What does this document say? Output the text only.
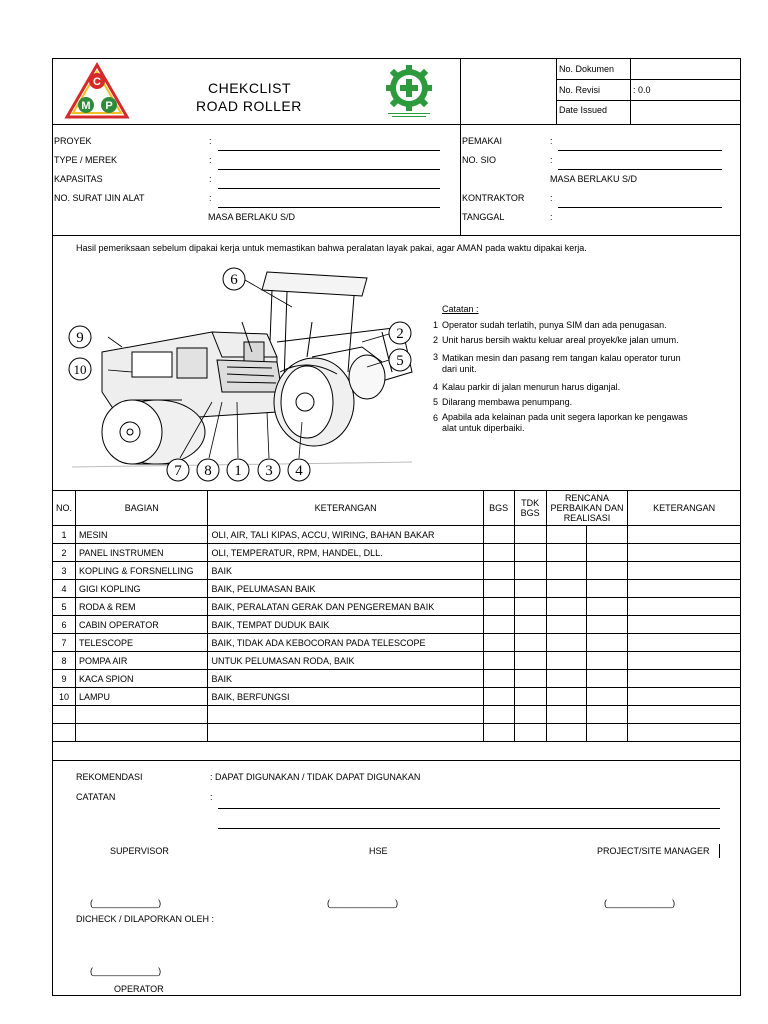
C
M P
CHEKCLIST
ROAD ROLLER
No. Dokumen
No. Revisi	: 0.0
Date Issued
PROYEK	:
TYPE / MEREK	:
KAPASITAS	:
NO. SURAT IJIN ALAT	:
MASA BERLAKU S/D
PEMAKAI	:
NO. SIO	:
MASA BERLAKU S/D
KONTRAKTOR	:
TANGGAL	:
Hasil pemeriksaan sebelum dipakai kerja untuk memastikan bahwa peralatan layak pakai, agar AMAN pada waktu dipakai kerja.
6
9
10
2
5
7 8 1 3 4
Catatan :
1 Operator sudah terlatih, punya SIM dan ada penugasan.
2 Unit harus bersih waktu keluar areal proyek/ke jalan umum.
3 Matikan mesin dan pasang rem tangan kalau operator turun
dari unit.
4 Kalau parkir di jalan menurun harus diganjal.
5 Dilarang membawa penumpang.
6 Apabila ada kelainan pada unit segera laporkan ke pengawas
alat untuk diperbaiki.
NO.	BAGIAN	KETERANGAN	BGS	TDK
BGS	RENCANA
PERBAIKAN DAN
REALISASI		KETERANGAN
1	MESIN	OLI, AIR, TALI KIPAS, ACCU, WIRING, BAHAN BAKAR					
2	PANEL INSTRUMEN	OLI, TEMPERATUR, RPM, HANDEL, DLL.					
3	KOPLING & FORSNELLING	BAIK					
4	GIGI KOPLING	BAIK, PELUMASAN BAIK					
5	RODA & REM	BAIK, PERALATAN GERAK DAN PENGEREMAN BAIK					
6	CABIN OPERATOR	BAIK, TEMPAT DUDUK BAIK					
7	TELESCOPE	BAIK, TIDAK ADA KEBOCORAN PADA TELESCOPE					
8	POMPA AIR	UNTUK PELUMASAN RODA, BAIK					
9	KACA SPION	BAIK					
10	LAMPU	BAIK, BERFUNGSI					

REKOMENDASI	: DAPAT DIGUNAKAN / TIDAK DAPAT DIGUNAKAN
CATATAN	:
SUPERVISOR	HSE	PROJECT/SITE MANAGER
(_____________)	(_____________)	(_____________)
DICHECK / DILAPORKAN OLEH :
(_____________)
OPERATOR
